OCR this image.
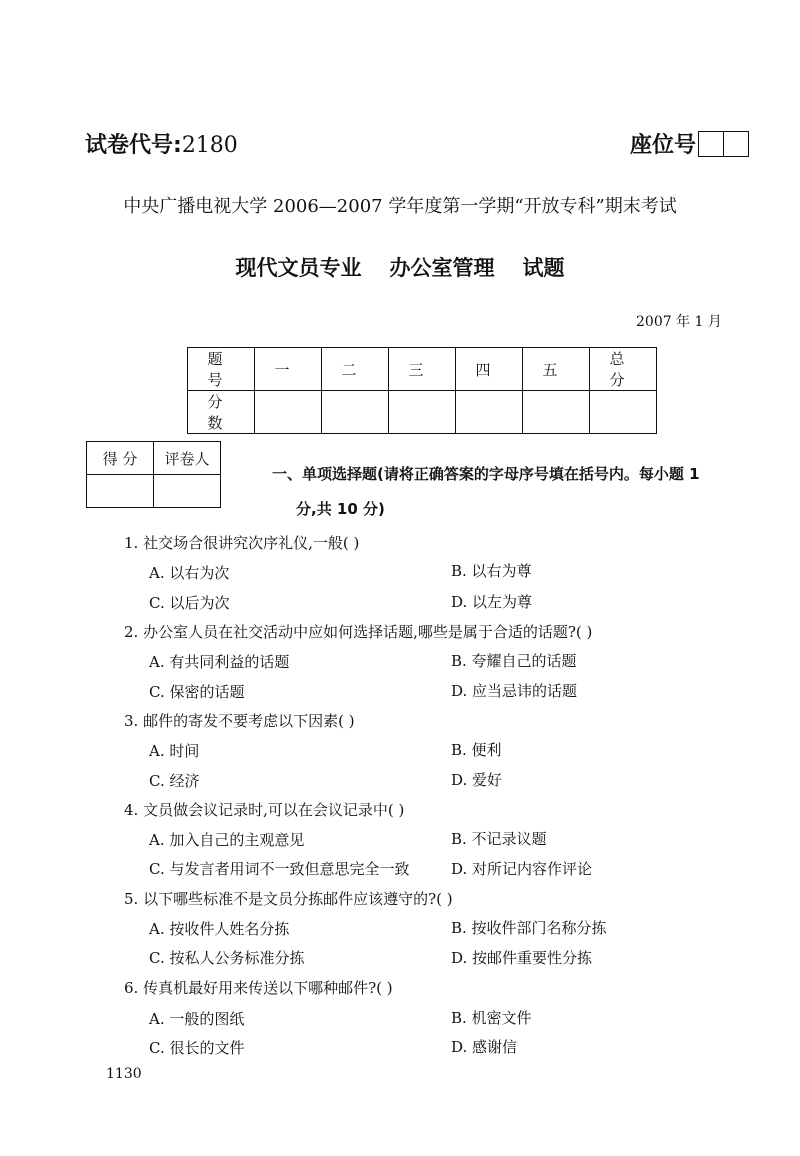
试卷代号:2180	座位号
中央广播电视大学 2006—2007 学年度第一学期“开放专科”期末考试
现代文员专业 办公室管理 试题
2007 年 1 月
题 号	一	二	三	四	五	总 分
分 数						
得 分	评卷人

一、单项选择题(请将正确答案的字母序号填在括号内。每小题 1
分,共 10 分)
1. 社交场合很讲究次序礼仪,一般( )
A. 以右为次	B. 以右为尊
C. 以后为次	D. 以左为尊
2. 办公室人员在社交活动中应如何选择话题,哪些是属于合适的话题?( )
A. 有共同利益的话题	B. 夸耀自己的话题
C. 保密的话题	D. 应当忌讳的话题
3. 邮件的寄发不要考虑以下因素( )
A. 时间	B. 便利
C. 经济	D. 爱好
4. 文员做会议记录时,可以在会议记录中( )
A. 加入自己的主观意见	B. 不记录议题
C. 与发言者用词不一致但意思完全一致	D. 对所记内容作评论
5. 以下哪些标准不是文员分拣邮件应该遵守的?( )
A. 按收件人姓名分拣	B. 按收件部门名称分拣
C. 按私人公务标准分拣	D. 按邮件重要性分拣
6. 传真机最好用来传送以下哪种邮件?( )
A. 一般的图纸	B. 机密文件
C. 很长的文件	D. 感谢信
1130
